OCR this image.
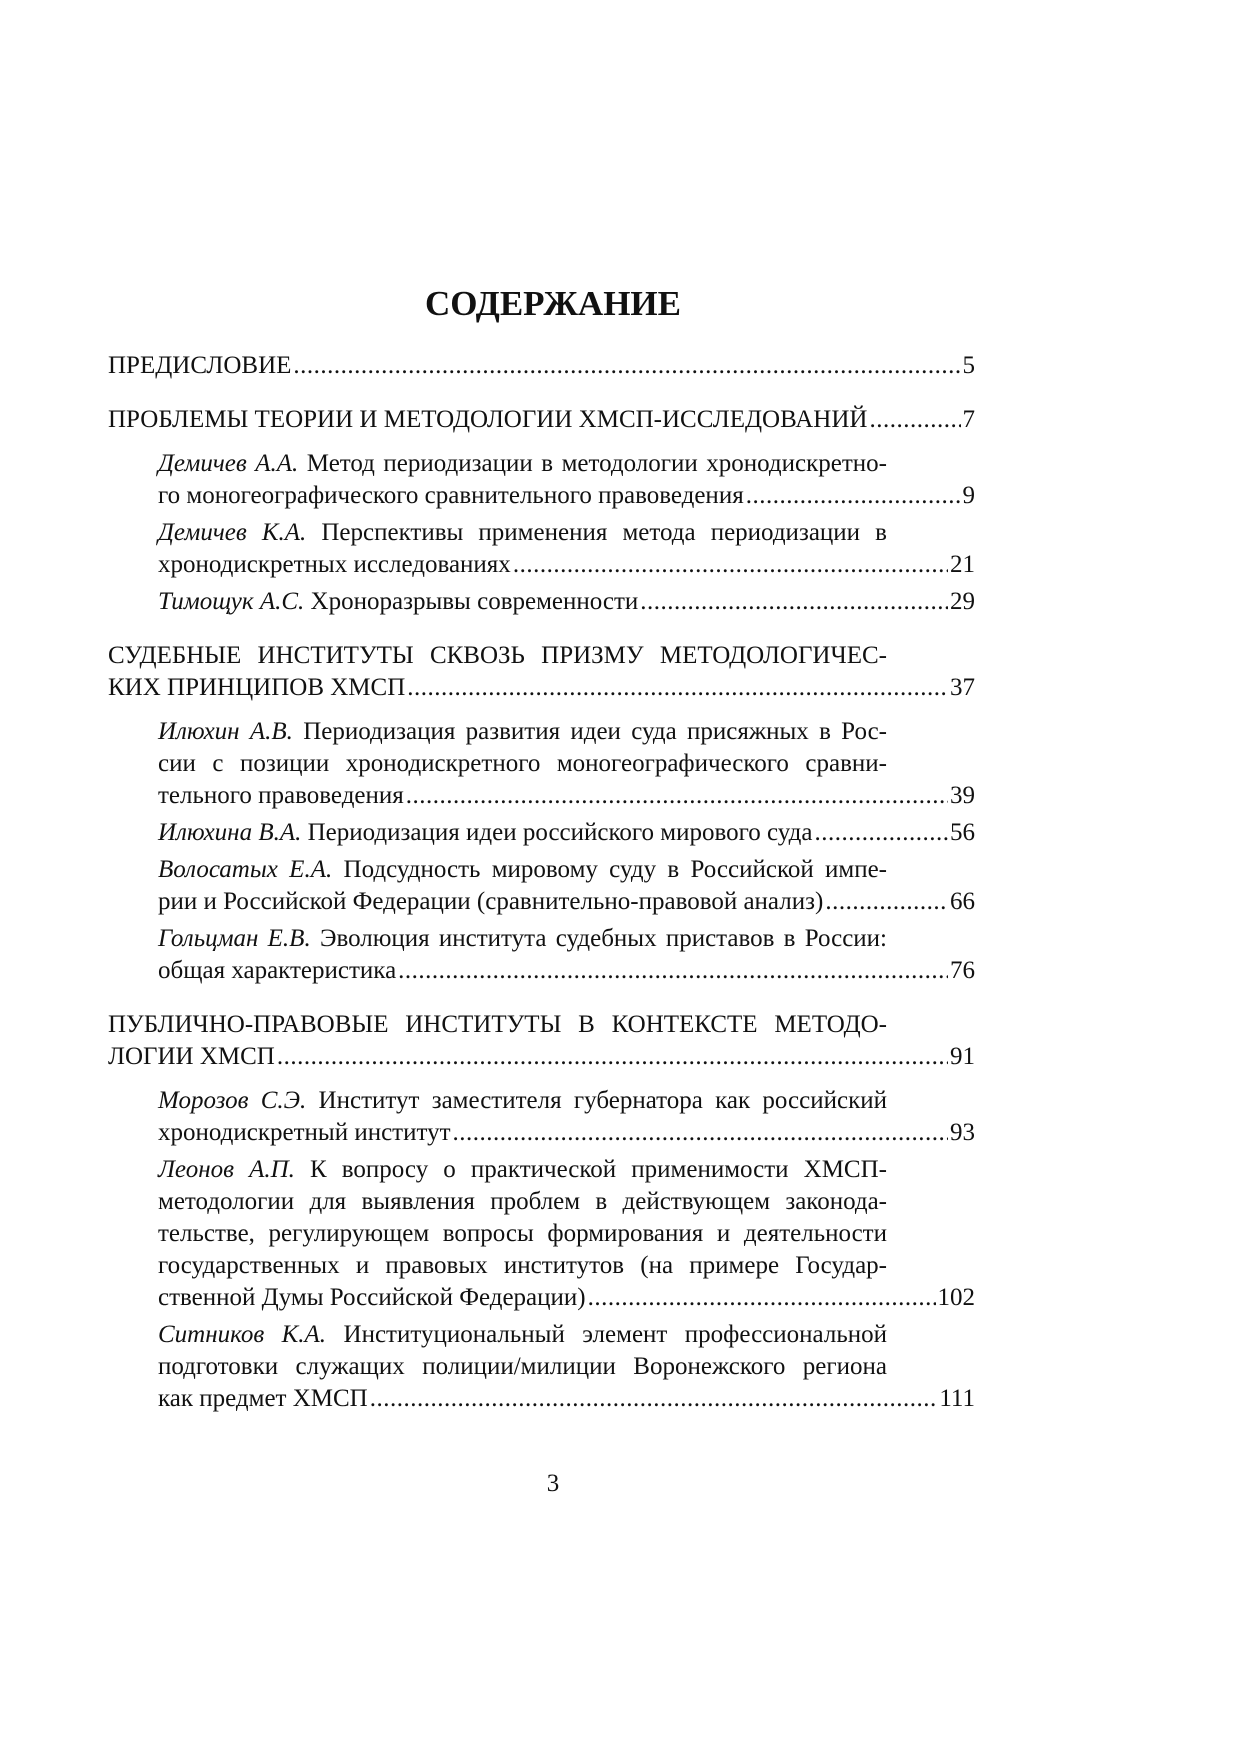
СОДЕРЖАНИЕ
ПРЕДИСЛОВИЕ .....	5
ПРОБЛЕМЫ ТЕОРИИ И МЕТОДОЛОГИИ ХМСП-ИССЛЕДОВАНИЙ .....	7
Демичев А.А. Метод периодизации в методологии хронодискретно-
го моногеографического сравнительного правоведения .....	9
Демичев К.А. Перспективы применения метода периодизации в
хронодискретных исследованиях .....	21
Тимощук А.С. Хроноразрывы современности .....	29
СУДЕБНЫЕ ИНСТИТУТЫ СКВОЗЬ ПРИЗМУ МЕТОДОЛОГИЧЕС-
КИХ ПРИНЦИПОВ ХМСП .....	37
Илюхин А.В. Периодизация развития идеи суда присяжных в Рос-
сии с позиции хронодискретного моногеографического сравни-
тельного правоведения .....	39
Илюхина В.А. Периодизация идеи российского мирового суда .....	56
Волосатых Е.А. Подсудность мировому суду в Российской импе-
рии и Российской Федерации (сравнительно-правовой анализ) .....	66
Гольцман Е.В. Эволюция института судебных приставов в России:
общая характеристика .....	76
ПУБЛИЧНО-ПРАВОВЫЕ ИНСТИТУТЫ В КОНТЕКСТЕ МЕТОДО-
ЛОГИИ ХМСП .....	91
Морозов С.Э. Институт заместителя губернатора как российский
хронодискретный институт .....	93
Леонов А.П. К вопросу о практической применимости ХМСП-
методологии для выявления проблем в действующем законода-
тельстве, регулирующем вопросы формирования и деятельности
государственных и правовых институтов (на примере Государ-
ственной Думы Российской Федерации) .....	102
Ситников К.А. Институциональный элемент профессиональной
подготовки служащих полиции/милиции Воронежского региона
как предмет ХМСП .....	111
3
